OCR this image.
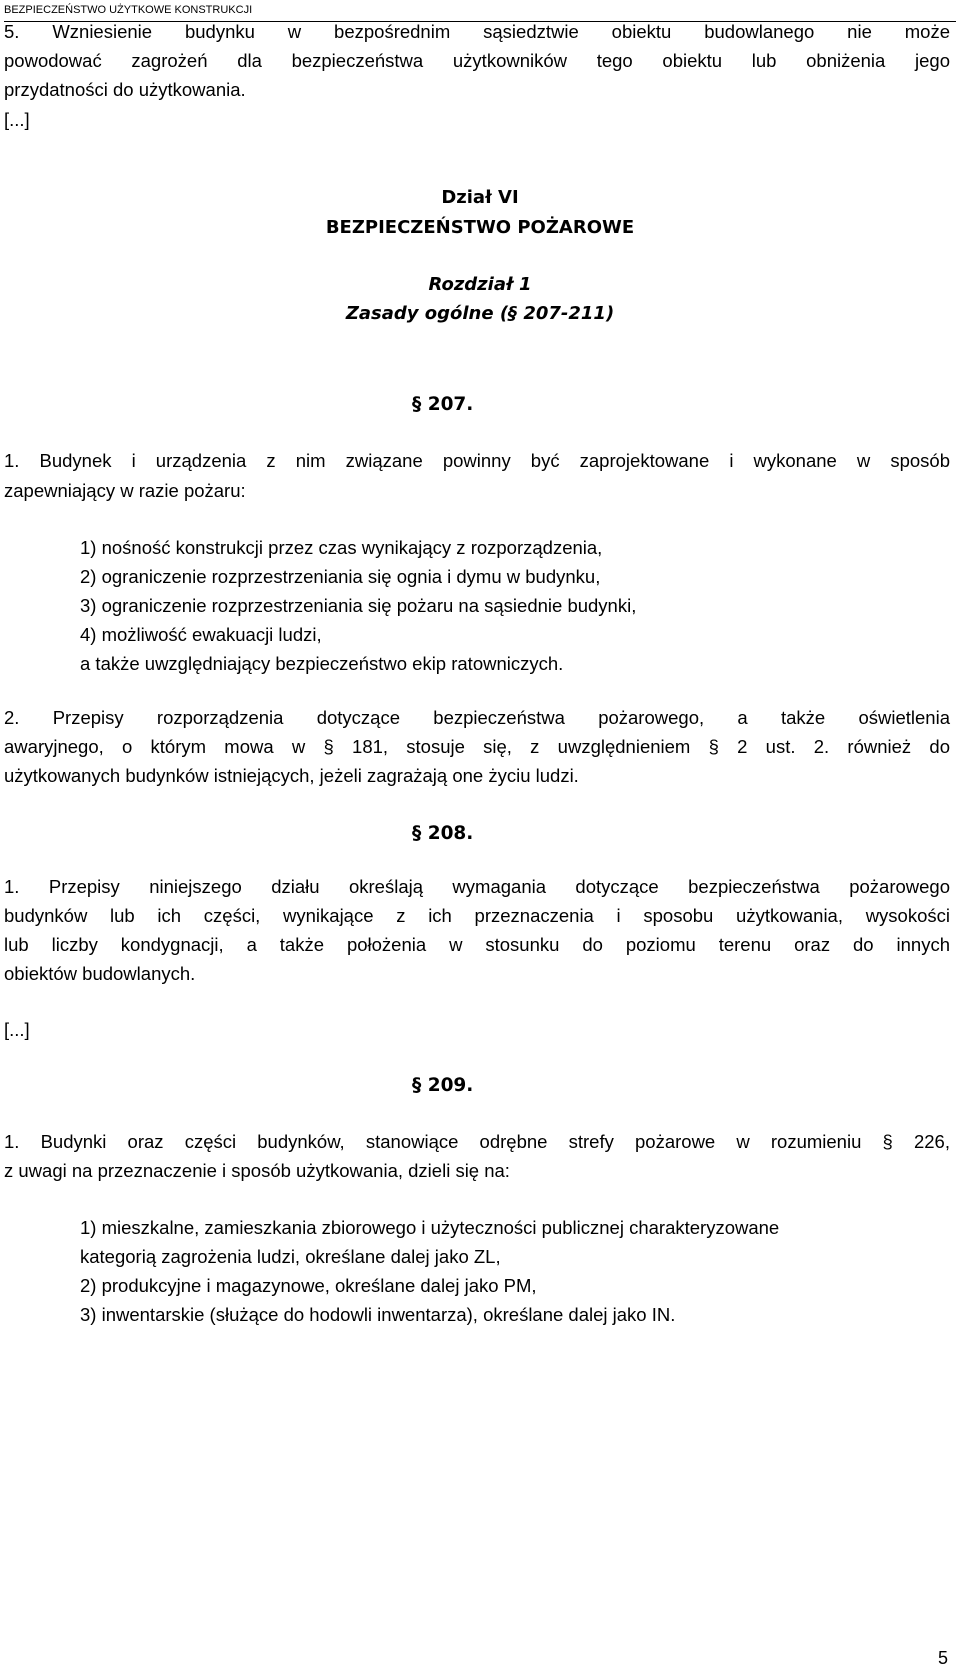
BEZPIECZEŃSTWO UŻYTKOWE KONSTRUKCJI
5. Wzniesienie budynku w bezpośrednim sąsiedztwie obiektu budowlanego nie może
powodować zagrożeń dla bezpieczeństwa użytkowników tego obiektu lub obniżenia jego
przydatności do użytkowania.
[...]
Dział VI
BEZPIECZEŃSTWO POŻAROWE
Rozdział 1
Zasady ogólne (§ 207-211)
§ 207.
1. Budynek i urządzenia z nim związane powinny być zaprojektowane i wykonane w sposób
zapewniający w razie pożaru:
1) nośność konstrukcji przez czas wynikający z rozporządzenia,
2) ograniczenie rozprzestrzeniania się ognia i dymu w budynku,
3) ograniczenie rozprzestrzeniania się pożaru na sąsiednie budynki,
4) możliwość ewakuacji ludzi,
a także uwzględniający bezpieczeństwo ekip ratowniczych.
2. Przepisy rozporządzenia dotyczące bezpieczeństwa pożarowego, a także oświetlenia
awaryjnego, o którym mowa w § 181, stosuje się, z uwzględnieniem § 2 ust. 2. również do
użytkowanych budynków istniejących, jeżeli zagrażają one życiu ludzi.
§ 208.
1. Przepisy niniejszego działu określają wymagania dotyczące bezpieczeństwa pożarowego
budynków lub ich części, wynikające z ich przeznaczenia i sposobu użytkowania, wysokości
lub liczby kondygnacji, a także położenia w stosunku do poziomu terenu oraz do innych
obiektów budowlanych.
[...]
§ 209.
1. Budynki oraz części budynków, stanowiące odrębne strefy pożarowe w rozumieniu § 226,
z uwagi na przeznaczenie i sposób użytkowania, dzieli się na:
1) mieszkalne, zamieszkania zbiorowego i użyteczności publicznej charakteryzowane
kategorią zagrożenia ludzi, określane dalej jako ZL,
2) produkcyjne i magazynowe, określane dalej jako PM,
3) inwentarskie (służące do hodowli inwentarza), określane dalej jako IN.
5
